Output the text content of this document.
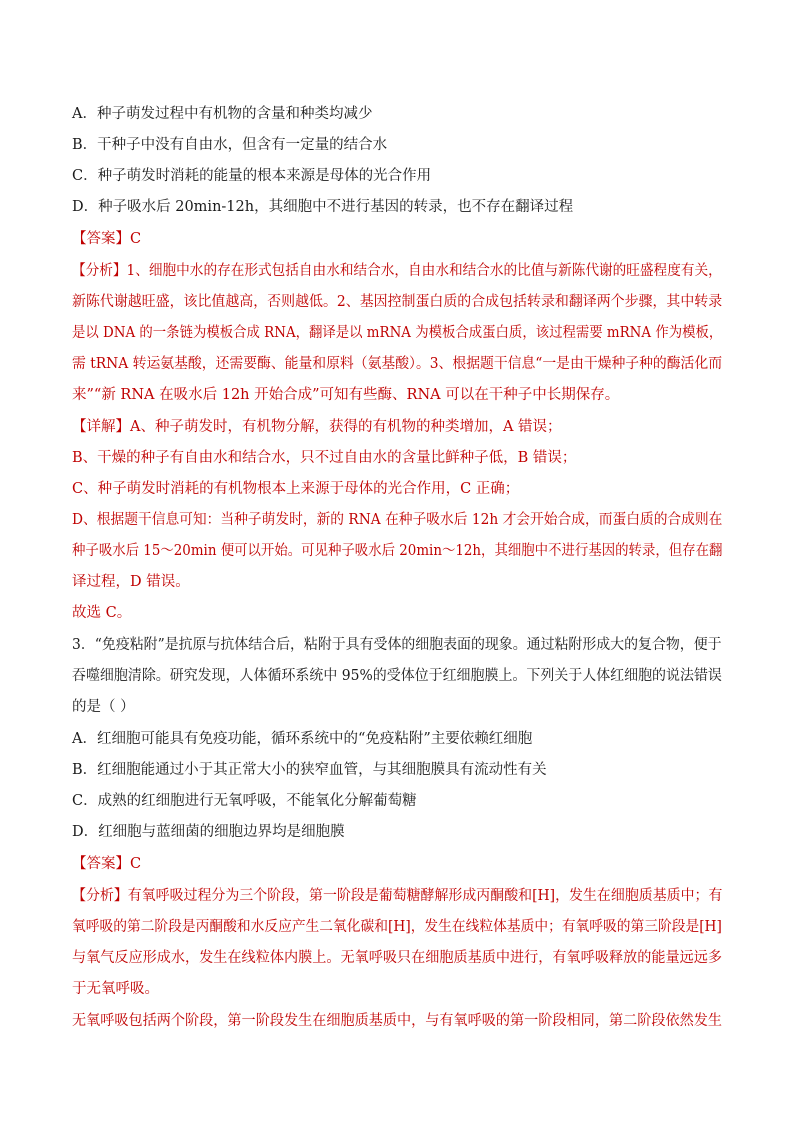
A．种子萌发过程中有机物的含量和种类均减少
B．干种子中没有自由水，但含有一定量的结合水
C．种子萌发时消耗的能量的根本来源是母体的光合作用
D．种子吸水后 20min-12h，其细胞中不进行基因的转录，也不存在翻译过程
【答案】C
【分析】1、细胞中水的存在形式包括自由水和结合水，自由水和结合水的比值与新陈代谢的旺盛程度有关，
新陈代谢越旺盛，该比值越高，否则越低。2、基因控制蛋白质的合成包括转录和翻译两个步骤，其中转录
是以 DNA 的一条链为模板合成 RNA，翻译是以 mRNA 为模板合成蛋白质，该过程需要 mRNA 作为模板，
需 tRNA 转运氨基酸，还需要酶、能量和原料（氨基酸）。3、根据题干信息“一是由干燥种子种的酶活化而
来”“新 RNA 在吸水后 12h 开始合成”可知有些酶、RNA 可以在干种子中长期保存。
【详解】A、种子萌发时，有机物分解，获得的有机物的种类增加，A 错误；
B、干燥的种子有自由水和结合水，只不过自由水的含量比鲜种子低，B 错误；
C、种子萌发时消耗的有机物根本上来源于母体的光合作用，C 正确；
D、根据题干信息可知：当种子萌发时，新的 RNA 在种子吸水后 12h 才会开始合成，而蛋白质的合成则在
种子吸水后 15～20min 便可以开始。可见种子吸水后 20min～12h，其细胞中不进行基因的转录，但存在翻
译过程，D 错误。
故选 C。
3．“免疫粘附”是抗原与抗体结合后，粘附于具有受体的细胞表面的现象。通过粘附形成大的复合物，便于
吞噬细胞清除。研究发现，人体循环系统中 95%的受体位于红细胞膜上。下列关于人体红细胞的说法错误
的是（ ）
A．红细胞可能具有免疫功能，循环系统中的“免疫粘附”主要依赖红细胞
B．红细胞能通过小于其正常大小的狭窄血管，与其细胞膜具有流动性有关
C．成熟的红细胞进行无氧呼吸，不能氧化分解葡萄糖
D．红细胞与蓝细菌的细胞边界均是细胞膜
【答案】C
【分析】有氧呼吸过程分为三个阶段，第一阶段是葡萄糖酵解形成丙酮酸和[H]，发生在细胞质基质中；有
氧呼吸的第二阶段是丙酮酸和水反应产生二氧化碳和[H]，发生在线粒体基质中；有氧呼吸的第三阶段是[H]
与氧气反应形成水，发生在线粒体内膜上。无氧呼吸只在细胞质基质中进行，有氧呼吸释放的能量远远多
于无氧呼吸。
无氧呼吸包括两个阶段，第一阶段发生在细胞质基质中，与有氧呼吸的第一阶段相同，第二阶段依然发生
